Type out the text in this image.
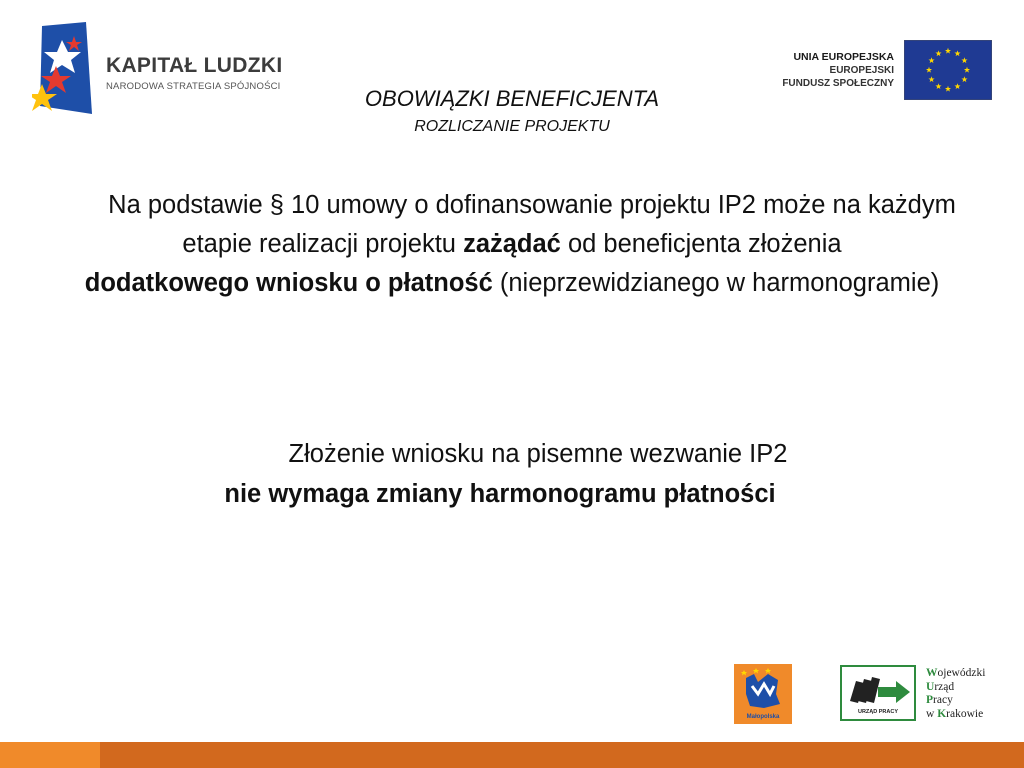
KAPITAŁ LUDZKI
NARODOWA STRATEGIA SPÓJNOŚCI
UNIA EUROPEJSKA
EUROPEJSKI
FUNDUSZ SPOŁECZNY
OBOWIĄZKI BENEFICJENTA
ROZLICZANIE PROJEKTU
Na podstawie § 10 umowy o dofinansowanie projektu IP2 może na każdym etapie realizacji projektu zażądać od beneficjenta złożenia
dodatkowego wniosku o płatność (nieprzewidzianego w harmonogramie)
Złożenie wniosku na pisemne wezwanie IP2
nie wymaga zmiany harmonogramu płatności
Małopolska
URZĄD PRACY
Wojewódzki
Urząd
Pracy
w Krakowie
